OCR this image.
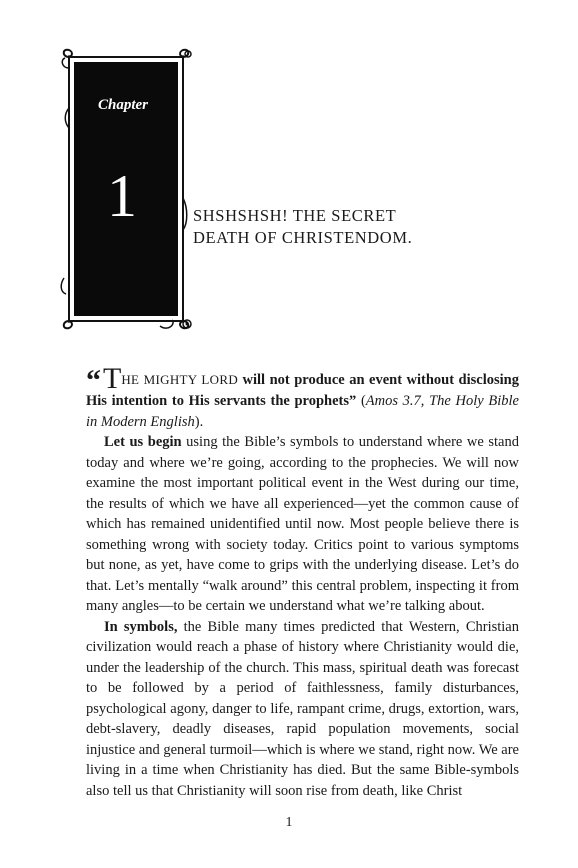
Chapter
1	SHSHSHSH! THE SECRET
DEATH OF CHRISTENDOM.

“THE MIGHTY LORD will not produce an event without disclosing His intention to His servants the prophets” (Amos 3.7, The Holy Bible in Modern English).

Let us begin using the Bible’s symbols to understand where we stand today and where we’re going, according to the prophecies. We will now examine the most important political event in the West during our time, the results of which we have all experienced—yet the common cause of which has remained unidentified until now. Most people believe there is something wrong with society today. Critics point to various symptoms but none, as yet, have come to grips with the underlying disease. Let’s do that. Let’s mentally “walk around” this central problem, inspecting it from many angles—to be certain we understand what we’re talking about.

In symbols, the Bible many times predicted that Western, Christian civilization would reach a phase of history where Christianity would die, under the leadership of the church. This mass, spiritual death was forecast to be followed by a period of faithlessness, family disturbances, psychological agony, danger to life, rampant crime, drugs, extortion, wars, debt-slavery, deadly diseases, rapid population movements, social injustice and general turmoil—which is where we stand, right now. We are living in a time when Christianity has died. But the same Bible-symbols also tell us that Christianity will soon rise from death, like Christ

1
